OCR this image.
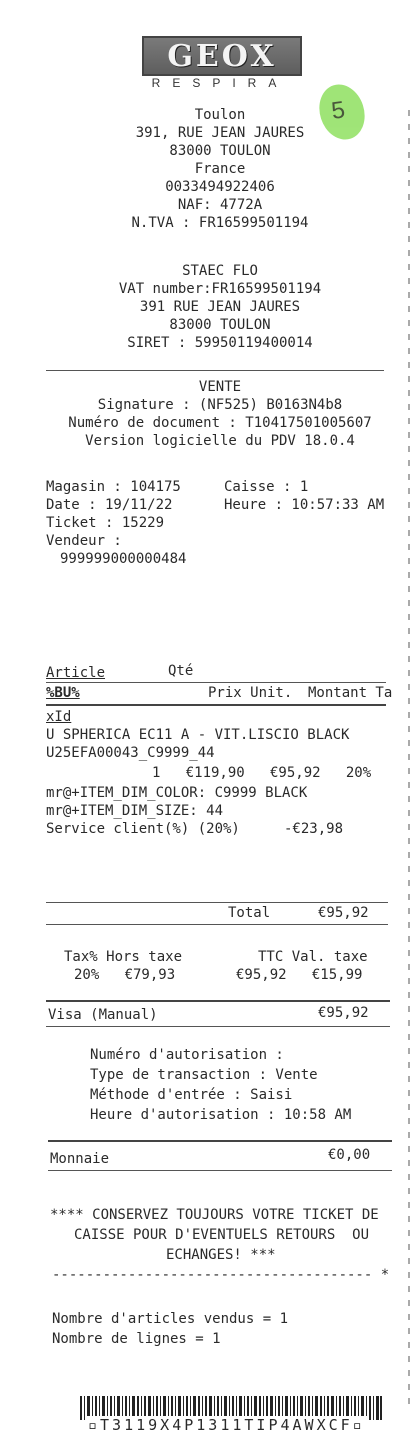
GEOX
RESPIRA
5
Toulon
391, RUE JEAN JAURES
83000 TOULON
France
0033494922406
NAF: 4772A
N.TVA : FR16599501194
STAEC FLO
VAT number:FR16599501194
391 RUE JEAN JAURES
83000 TOULON
SIRET : 59950119400014
VENTE
Signature : (NF525) B0163N4b8
Numéro de document : T10417501005607
Version logicielle du PDV 18.0.4
Magasin : 104175	Caisse : 1
Date : 19/11/22	Heure : 10:57:33 AM
Ticket : 15229
Vendeur :
999999000000484
Article	Qté
%BU%	Prix Unit. Montant Ta
xId
U SPHERICA EC11 A - VIT.LISCIO BLACK
U25EFA00043_C9999_44
1   €119,90   €95,92   20%
mr@+ITEM_DIM_COLOR: C9999 BLACK
mr@+ITEM_DIM_SIZE: 44
Service client(%) (20%)	-€23,98
Total	€95,92
Tax% Hors taxe	TTC Val. taxe
20%   €79,93	€95,92   €15,99
Visa (Manual)	€95,92
Numéro d'autorisation :
Type de transaction : Vente
Méthode d'entrée : Saisi
Heure d'autorisation : 10:58 AM
Monnaie	€0,00
**** CONSERVEZ TOUJOURS VOTRE TICKET DE
CAISSE POUR D'EVENTUELS RETOURS  OU
ECHANGES! ***
-------------------------------------- *
Nombre d'articles vendus = 1
Nombre de lignes = 1
▫T3119X4P1311TIP4AWXCF▫
